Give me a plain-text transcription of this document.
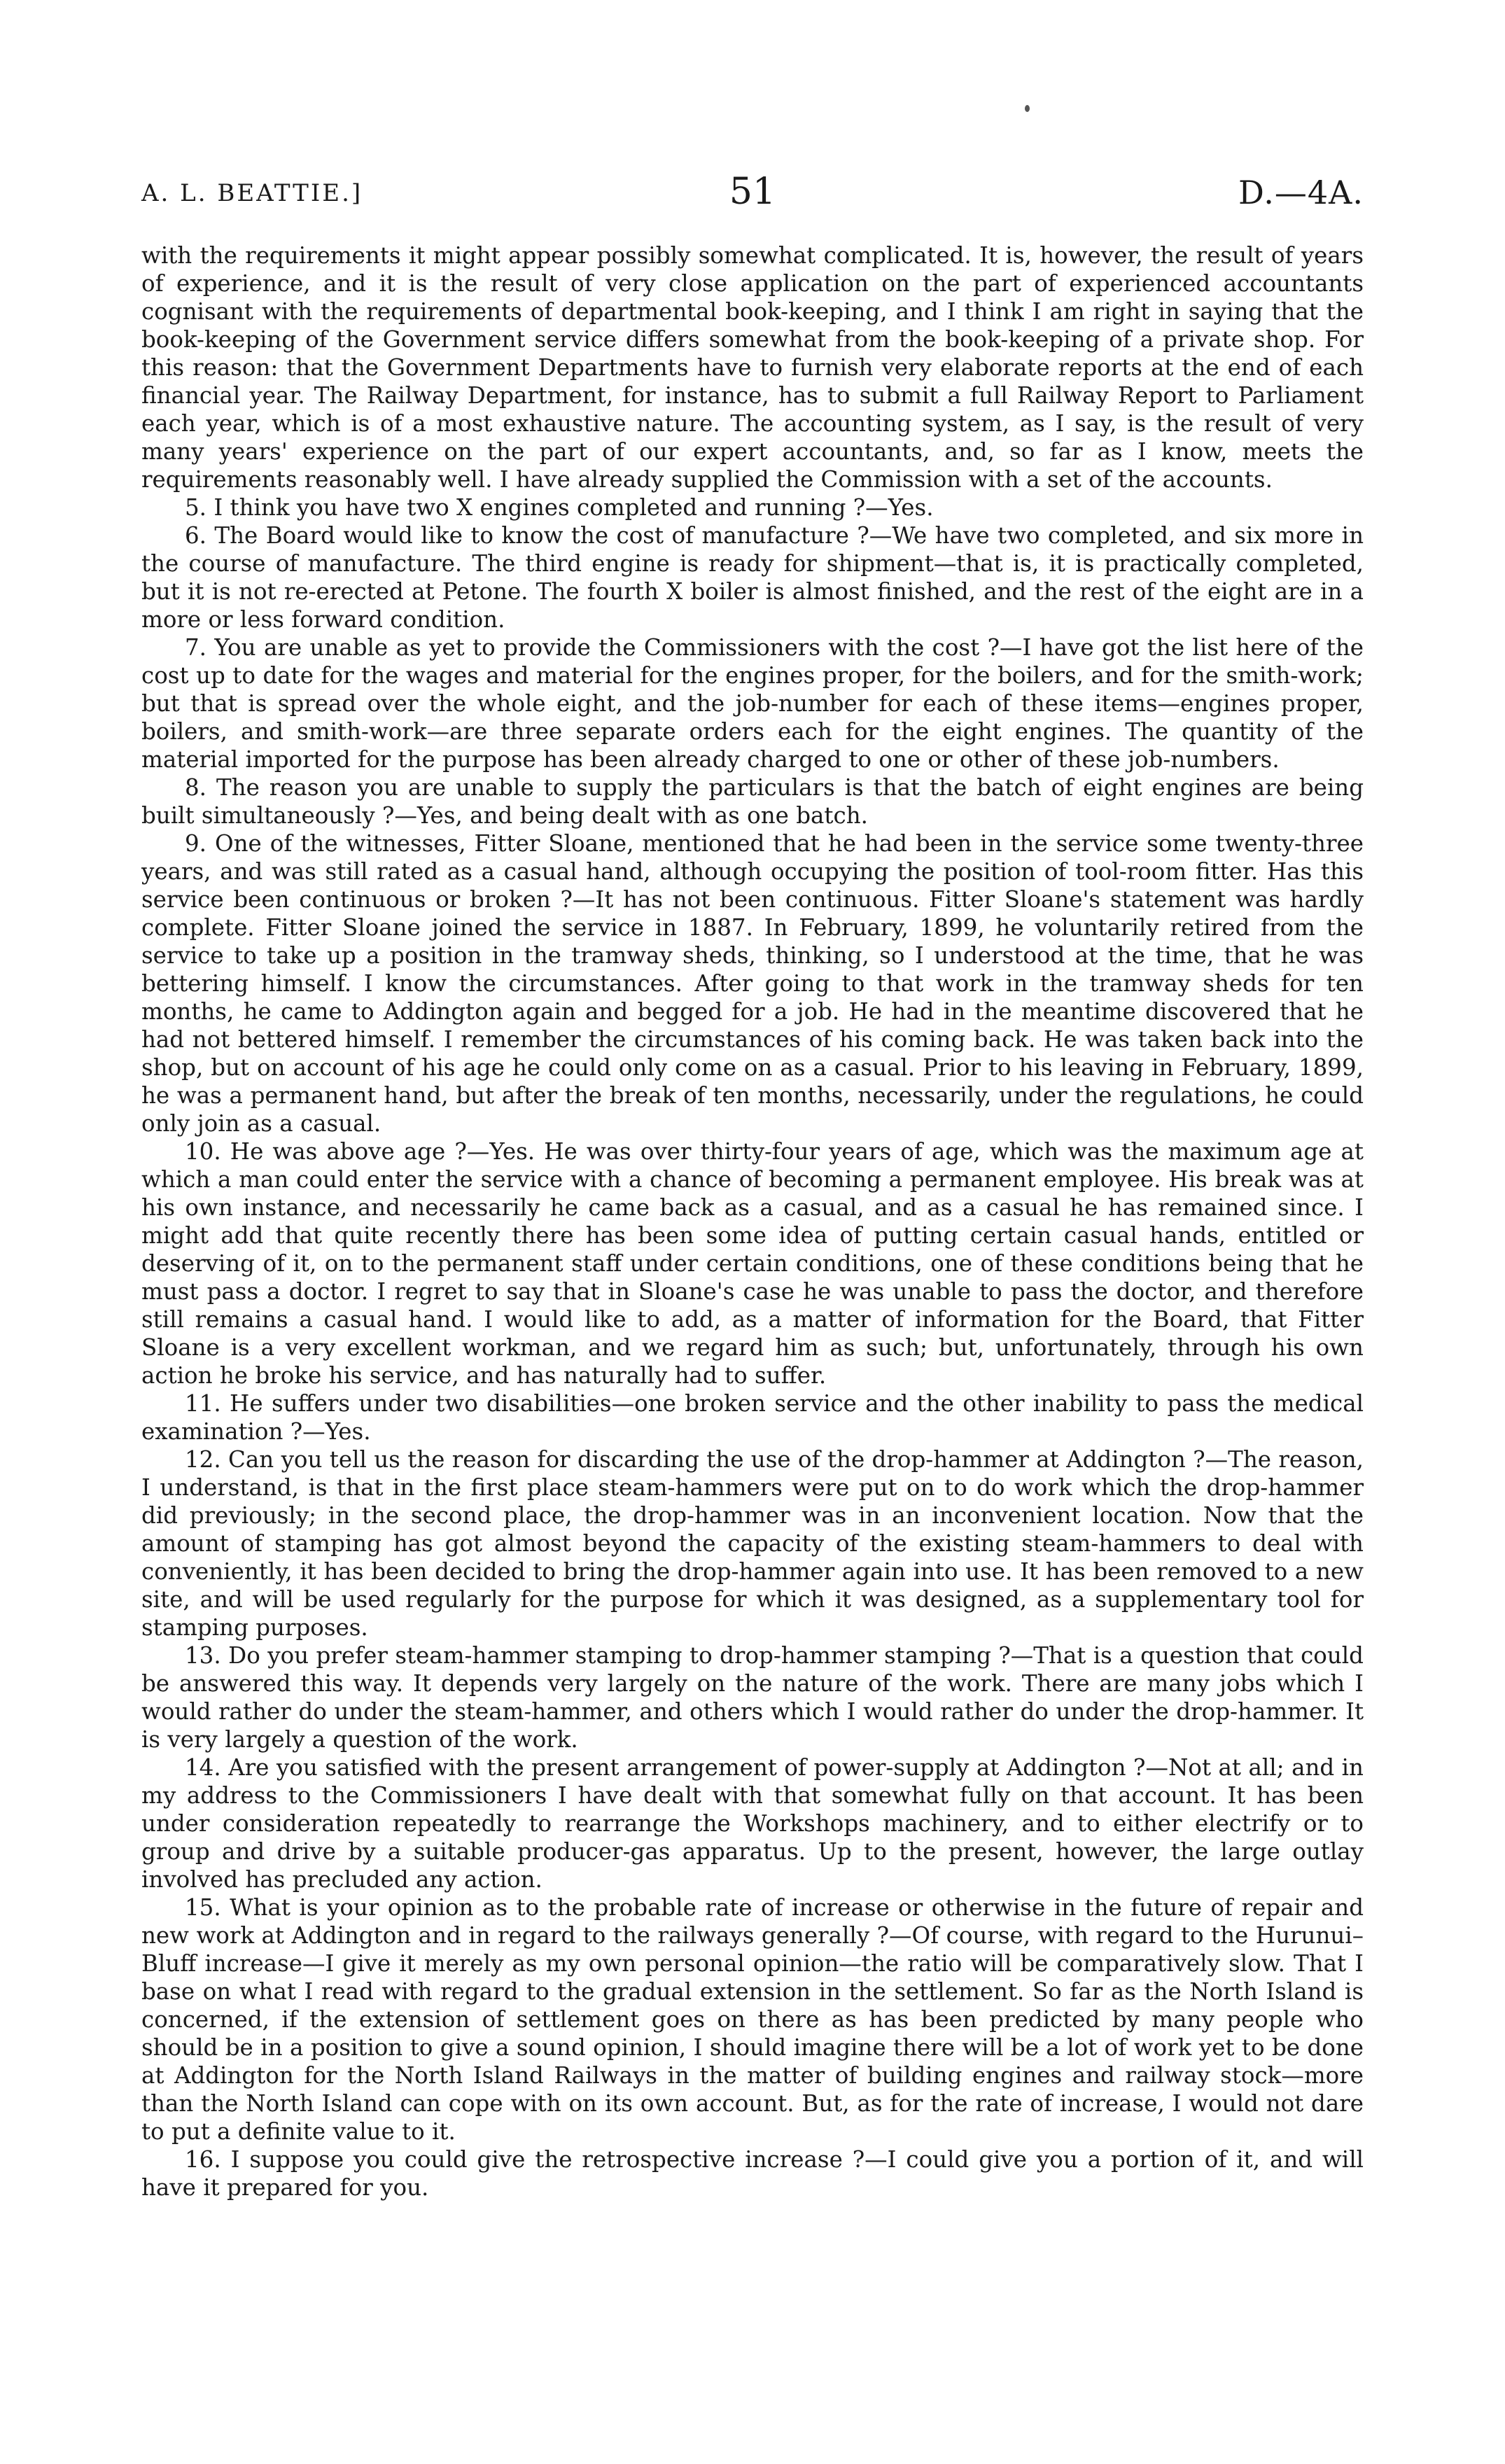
A. L. BEATTIE.]	51	D.—4A.

with the requirements it might appear possibly somewhat complicated. It is, however, the result of years of experience, and it is the result of very close application on the part of experienced accountants cognisant with the requirements of departmental book-keeping, and I think I am right in saying that the book-keeping of the Government service differs somewhat from the book-keeping of a private shop. For this reason: that the Government Departments have to furnish very elaborate reports at the end of each financial year. The Railway Department, for instance, has to submit a full Railway Report to Parliament each year, which is of a most exhaustive nature. The accounting system, as I say, is the result of very many years' experience on the part of our expert accountants, and, so far as I know, meets the requirements reasonably well. I have already supplied the Commission with a set of the accounts.

5. I think you have two X engines completed and running ?—Yes.

6. The Board would like to know the cost of manufacture ?—We have two completed, and six more in the course of manufacture. The third engine is ready for shipment—that is, it is practically completed, but it is not re-erected at Petone. The fourth X boiler is almost finished, and the rest of the eight are in a more or less forward condition.

7. You are unable as yet to provide the Commissioners with the cost ?—I have got the list here of the cost up to date for the wages and material for the engines proper, for the boilers, and for the smith-work; but that is spread over the whole eight, and the job-number for each of these items—engines proper, boilers, and smith-work—are three separate orders each for the eight engines. The quantity of the material imported for the purpose has been already charged to one or other of these job-numbers.

8. The reason you are unable to supply the particulars is that the batch of eight engines are being built simultaneously ?—Yes, and being dealt with as one batch.

9. One of the witnesses, Fitter Sloane, mentioned that he had been in the service some twenty-three years, and was still rated as a casual hand, although occupying the position of tool-room fitter. Has this service been continuous or broken ?—It has not been continuous. Fitter Sloane's statement was hardly complete. Fitter Sloane joined the service in 1887. In February, 1899, he voluntarily retired from the service to take up a position in the tramway sheds, thinking, so I understood at the time, that he was bettering himself. I know the circumstances. After going to that work in the tramway sheds for ten months, he came to Addington again and begged for a job. He had in the meantime discovered that he had not bettered himself. I remember the circumstances of his coming back. He was taken back into the shop, but on account of his age he could only come on as a casual. Prior to his leaving in February, 1899, he was a permanent hand, but after the break of ten months, necessarily, under the regulations, he could only join as a casual.

10. He was above age ?—Yes. He was over thirty-four years of age, which was the maximum age at which a man could enter the service with a chance of becoming a permanent employee. His break was at his own instance, and necessarily he came back as a casual, and as a casual he has remained since. I might add that quite recently there has been some idea of putting certain casual hands, entitled or deserving of it, on to the permanent staff under certain conditions, one of these conditions being that he must pass a doctor. I regret to say that in Sloane's case he was unable to pass the doctor, and therefore still remains a casual hand. I would like to add, as a matter of information for the Board, that Fitter Sloane is a very excellent workman, and we regard him as such; but, unfortunately, through his own action he broke his service, and has naturally had to suffer.

11. He suffers under two disabilities—one broken service and the other inability to pass the medical examination ?—Yes.

12. Can you tell us the reason for discarding the use of the drop-hammer at Addington ?—The reason, I understand, is that in the first place steam-hammers were put on to do work which the drop-hammer did previously; in the second place, the drop-hammer was in an inconvenient location. Now that the amount of stamping has got almost beyond the capacity of the existing steam-hammers to deal with conveniently, it has been decided to bring the drop-hammer again into use. It has been removed to a new site, and will be used regularly for the purpose for which it was designed, as a supplementary tool for stamping purposes.

13. Do you prefer steam-hammer stamping to drop-hammer stamping ?—That is a question that could be answered this way. It depends very largely on the nature of the work. There are many jobs which I would rather do under the steam-hammer, and others which I would rather do under the drop-hammer. It is very largely a question of the work.

14. Are you satisfied with the present arrangement of power-supply at Addington ?—Not at all; and in my address to the Commissioners I have dealt with that somewhat fully on that account. It has been under consideration repeatedly to rearrange the Workshops machinery, and to either electrify or to group and drive by a suitable producer-gas apparatus. Up to the present, however, the large outlay involved has precluded any action.

15. What is your opinion as to the probable rate of increase or otherwise in the future of repair and new work at Addington and in regard to the railways generally ?—Of course, with regard to the Hurunui–Bluff increase—I give it merely as my own personal opinion—the ratio will be comparatively slow. That I base on what I read with regard to the gradual extension in the settlement. So far as the North Island is concerned, if the extension of settlement goes on there as has been predicted by many people who should be in a position to give a sound opinion, I should imagine there will be a lot of work yet to be done at Addington for the North Island Railways in the matter of building engines and railway stock—more than the North Island can cope with on its own account. But, as for the rate of increase, I would not dare to put a definite value to it.

16. I suppose you could give the retrospective increase ?—I could give you a portion of it, and will have it prepared for you.
